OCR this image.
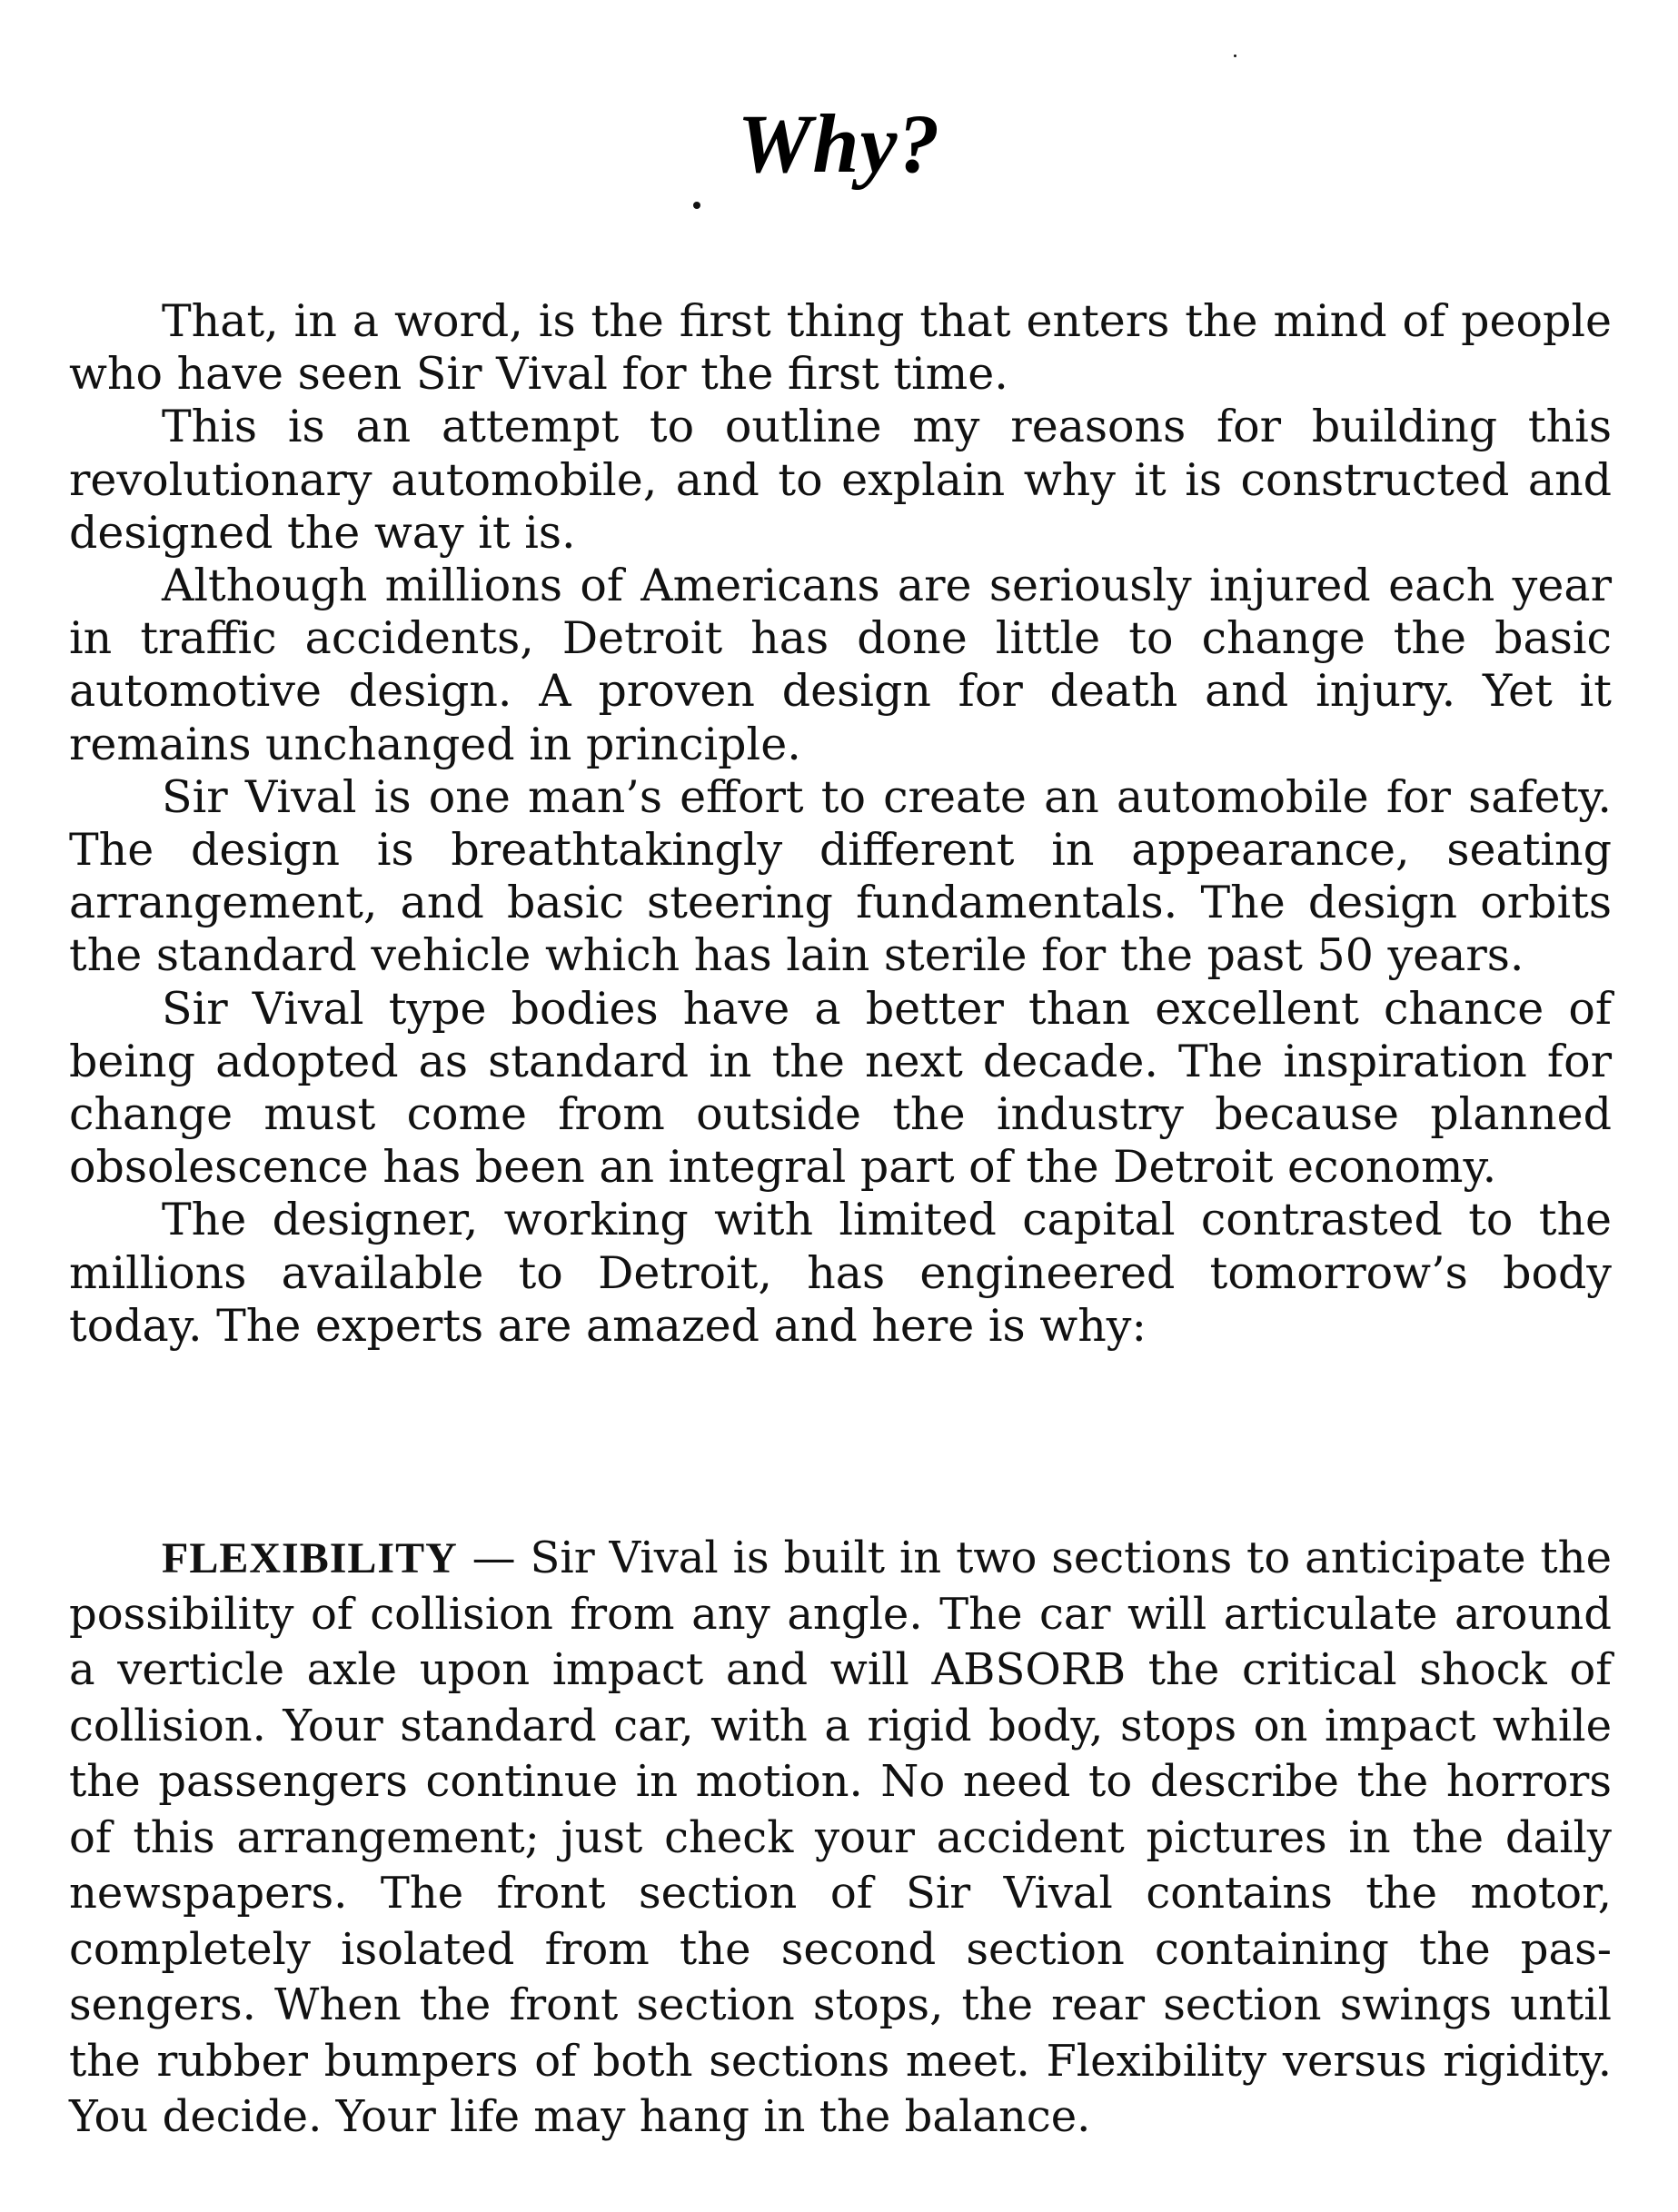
Why?

That, in a word, is the first thing that enters the mind of people who have seen Sir Vival for the first time.

This is an attempt to outline my reasons for building this revolutionary automobile, and to explain why it is constructed and designed the way it is.

Although millions of Americans are seriously injured each year in traffic accidents, Detroit has done little to change the basic automotive design. A proven design for death and injury. Yet it remains unchanged in principle.

Sir Vival is one man’s effort to create an automobile for safety. The design is breathtakingly different in appearance, seating arrangement, and basic steering fundamentals. The design orbits the standard vehicle which has lain sterile for the past 50 years.

Sir Vival type bodies have a better than excellent chance of being adopted as standard in the next decade. The inspiration for change must come from outside the industry because planned obsolescence has been an integral part of the Detroit economy.

The designer, working with limited capital contrasted to the millions available to Detroit, has engineered tomorrow’s body today. The experts are amazed and here is why:

FLEXIBILITY — Sir Vival is built in two sections to anticipate the possibility of collision from any angle. The car will articulate around a verticle axle upon impact and will ABSORB the critical shock of collision. Your standard car, with a rigid body, stops on impact while the passengers continue in motion. No need to describe the horrors of this arrangement; just check your accident pictures in the daily newspapers. The front section of Sir Vival contains the motor, completely isolated from the second section containing the passengers. When the front section stops, the rear section swings until the rubber bumpers of both sections meet. Flexibility versus rigidity. You decide. Your life may hang in the balance.
